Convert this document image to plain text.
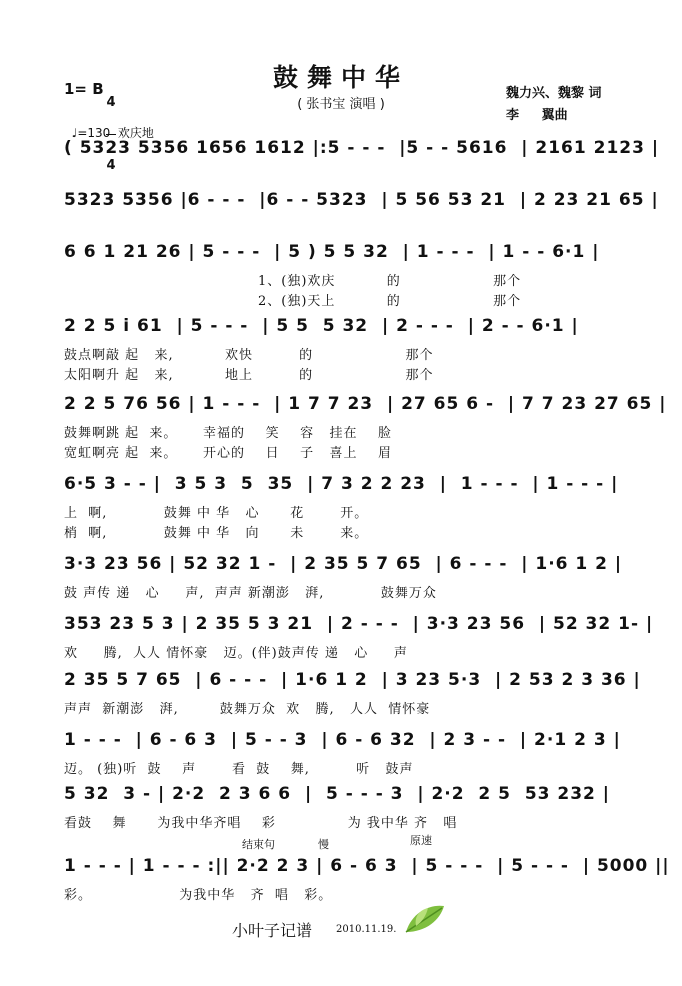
鼓舞中华
( 张书宝 演唱 )
1= B

4

4

♩=130  欢庆地

魏力兴、魏黎 词
李     翼曲
( 5323 5356 1656 1612 |:5 - - -  |5 - - 5616  | 2161 2123 |
5323 5356 |6 - - -  |6 - - 5323  | 5 56 53 21  | 2 23 21 65 |
6 6 1 21 26 | 5 - - -  | 5 ) 5 5 32  | 1 - - -  | 1 - - 6·1 |
1、(独)欢庆          的                  那个
2、(独)天上          的                  那个
2 2 5 i 61  | 5 - - -  | 5 5  5 32  | 2 - - -  | 2 - - 6·1 |
鼓点啊敲 起   来,          欢快         的                  那个
太阳啊升 起   来,          地上         的                  那个
2 2 5 76 56 | 1 - - -  | 1 7 7 23  | 27 65 6 -  | 7 7 23 27 65 |
鼓舞啊跳 起  来。     幸福的    笑    容   挂在    脸
宽虹啊亮 起  来。     开心的    日    子   喜上    眉
6·5 3 - - |  3 5 3  5  35  | 7 3 2 2 23  |  1 - - -  | 1 - - - |
上  啊,           鼓舞 中 华   心      花       开。
梢  啊,           鼓舞 中 华   向      未       来。
3·3 23 56 | 52 32 1 -  | 2 35 5 7 65  | 6 - - -  | 1·6 1 2 |
鼓 声传 递   心     声,  声声 新潮澎   湃,           鼓舞万众
353 23 5 3 | 2 35 5 3 21  | 2 - - -  | 3·3 23 56  | 52 32 1- |
欢     腾,  人人 情怀豪   迈。(伴)鼓声传 递   心     声
2 35 5 7 65  | 6 - - -  | 1·6 1 2  | 3 23 5·3  | 2 53 2 3 36 |
声声  新潮澎   湃,        鼓舞万众  欢   腾,   人人  情怀豪
1 - - -  | 6 - 6 3  | 5 - - 3  | 6 - 6 32  | 2 3 - -  | 2·1 2 3 |
迈。 (独)听  鼓    声       看  鼓    舞,         听   鼓声
5 32  3 - | 2·2  2 3 6 6  |  5 - - - 3  | 2·2  2 5  53 232 |
看鼓    舞      为我中华齐唱    彩              为 我中华 齐   唱
1 - - - | 1 - - - :|| 2·2 2 3 | 6 - 6 3  | 5 - - -  | 5 - - -  | 5000 ||
彩。                 为我中华   齐  唱   彩。
结束句	慢	原速
小叶子记谱 2010.11.19.
